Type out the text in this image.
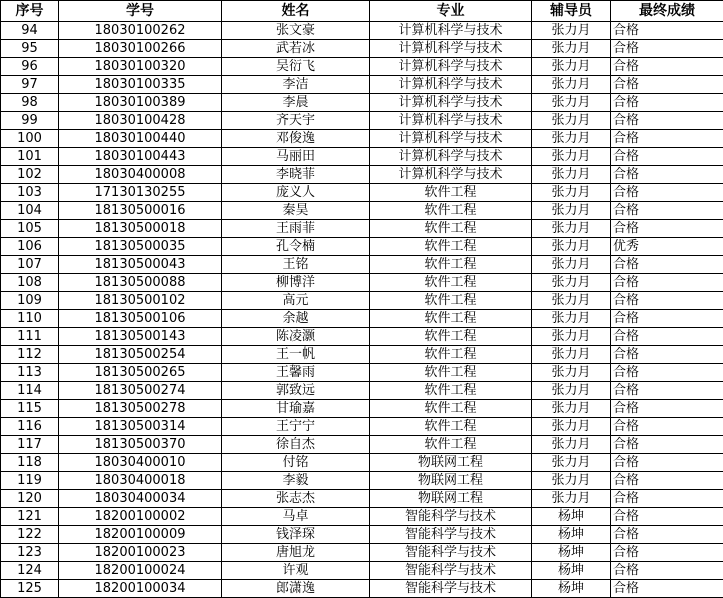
序号	学号	姓名	专业	辅导员	最终成绩
94	18030100262	张文豪	计算机科学与技术	张力月	合格
95	18030100266	武若冰	计算机科学与技术	张力月	合格
96	18030100320	吴衍飞	计算机科学与技术	张力月	合格
97	18030100335	李洁	计算机科学与技术	张力月	合格
98	18030100389	李晨	计算机科学与技术	张力月	合格
99	18030100428	齐天宇	计算机科学与技术	张力月	合格
100	18030100440	邓俊逸	计算机科学与技术	张力月	合格
101	18030100443	马丽田	计算机科学与技术	张力月	合格
102	18030400008	李晓菲	计算机科学与技术	张力月	合格
103	17130130255	庞义人	软件工程	张力月	合格
104	18130500016	秦昊	软件工程	张力月	合格
105	18130500018	王雨菲	软件工程	张力月	合格
106	18130500035	孔令楠	软件工程	张力月	优秀
107	18130500043	王铭	软件工程	张力月	合格
108	18130500088	柳博洋	软件工程	张力月	合格
109	18130500102	高元	软件工程	张力月	合格
110	18130500106	余越	软件工程	张力月	合格
111	18130500143	陈凌灏	软件工程	张力月	合格
112	18130500254	王一帆	软件工程	张力月	合格
113	18130500265	王馨雨	软件工程	张力月	合格
114	18130500274	郭致远	软件工程	张力月	合格
115	18130500278	甘瑜嘉	软件工程	张力月	合格
116	18130500314	王宁宁	软件工程	张力月	合格
117	18130500370	徐自杰	软件工程	张力月	合格
118	18030400010	付铭	物联网工程	张力月	合格
119	18030400018	李毅	物联网工程	张力月	合格
120	18030400034	张志杰	物联网工程	张力月	合格
121	18200100002	马卓	智能科学与技术	杨坤	合格
122	18200100009	钱泽琛	智能科学与技术	杨坤	合格
123	18200100023	唐旭龙	智能科学与技术	杨坤	合格
124	18200100024	许观	智能科学与技术	杨坤	合格
125	18200100034	郎潇逸	智能科学与技术	杨坤	合格
